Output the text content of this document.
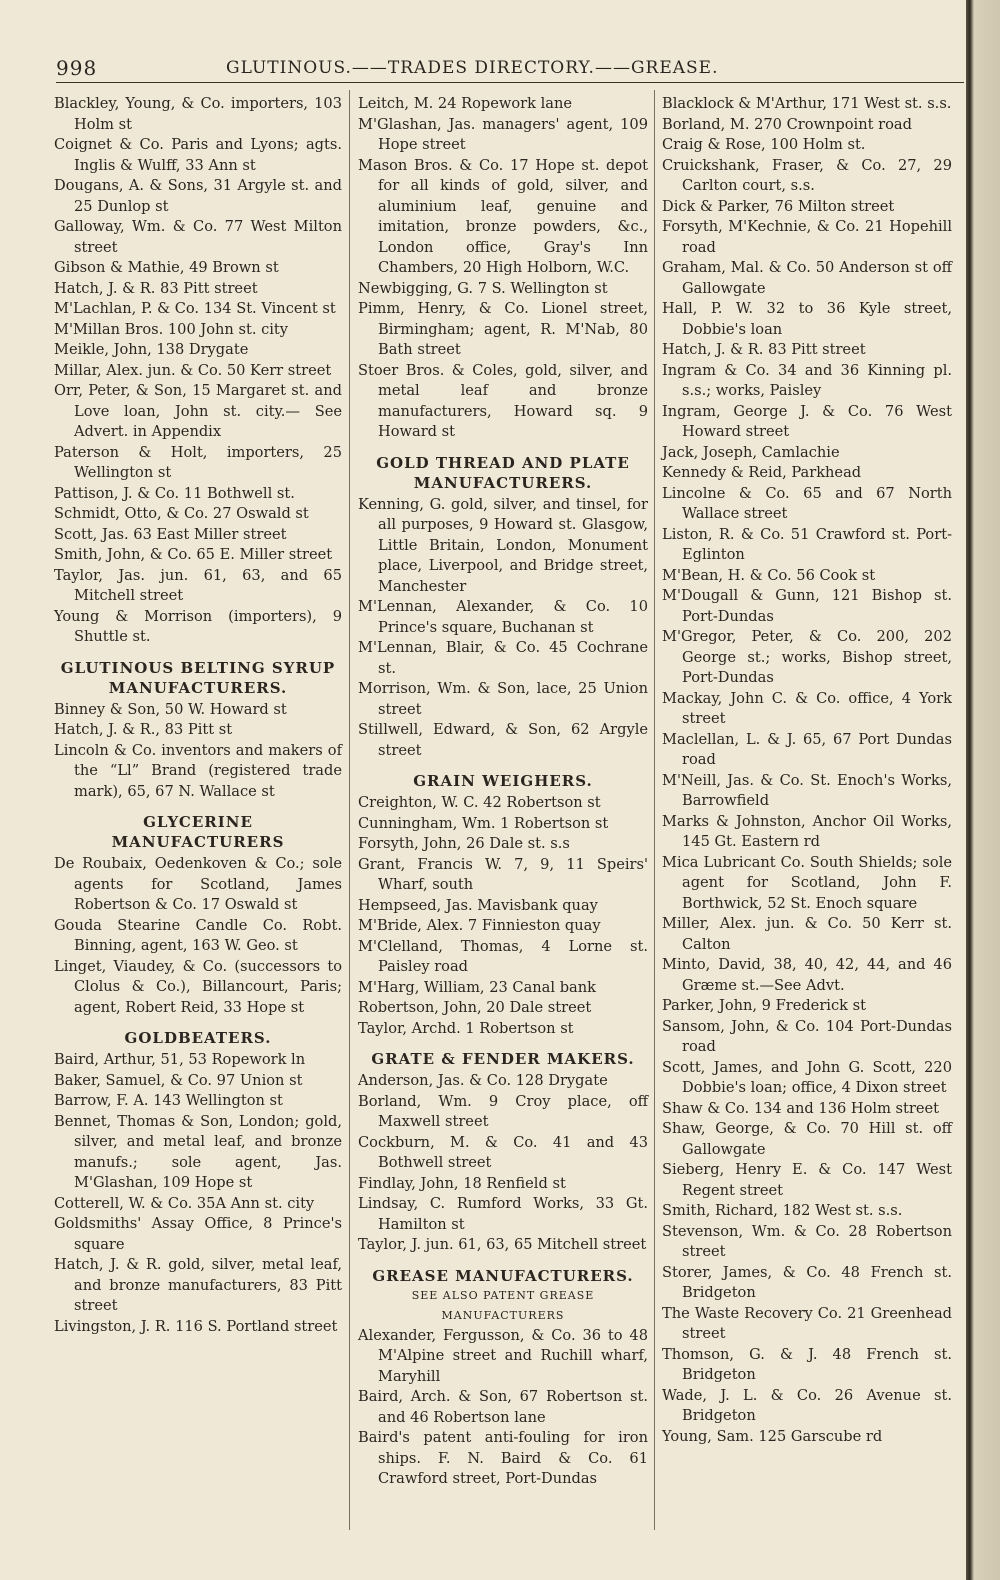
998	GLUTINOUS.——TRADES DIRECTORY.——GREASE.
Blackley, Young, & Co. importers, 103 Holm st
Coignet & Co. Paris and Lyons; agts. Inglis & Wulff, 33 Ann st
Dougans, A. & Sons, 31 Argyle st. and 25 Dunlop st
Galloway, Wm. & Co. 77 West Milton street
Gibson & Mathie, 49 Brown st
Hatch, J. & R. 83 Pitt street
M'Lachlan, P. & Co. 134 St. Vincent st
M'Millan Bros. 100 John st. city
Meikle, John, 138 Drygate
Millar, Alex. jun. & Co. 50 Kerr street
Orr, Peter, & Son, 15 Margaret st. and Love loan, John st. city.— See Advert. in Appendix
Paterson & Holt, importers, 25 Wellington st
Pattison, J. & Co. 11 Bothwell st.
Schmidt, Otto, & Co. 27 Oswald st
Scott, Jas. 63 East Miller street
Smith, John, & Co. 65 E. Miller street
Taylor, Jas. jun. 61, 63, and 65 Mitchell street
Young & Morrison (importers), 9 Shuttle st.
GLUTINOUS BELTING SYRUP MANUFACTURERS.
Binney & Son, 50 W. Howard st
Hatch, J. & R., 83 Pitt st
Lincoln & Co. inventors and makers of the “Ll” Brand (registered trade mark), 65, 67 N. Wallace st
GLYCERINE MANUFACTURERS
De Roubaix, Oedenkoven & Co.; sole agents for Scotland, James Robertson & Co. 17 Oswald st
Gouda Stearine Candle Co. Robt. Binning, agent, 163 W. Geo. st
Linget, Viaudey, & Co. (successors to Clolus & Co.), Billancourt, Paris; agent, Robert Reid, 33 Hope st
GOLDBEATERS.
Baird, Arthur, 51, 53 Ropework ln
Baker, Samuel, & Co. 97 Union st
Barrow, F. A. 143 Wellington st
Bennet, Thomas & Son, London; gold, silver, and metal leaf, and bronze manufs.; sole agent, Jas. M'Glashan, 109 Hope st
Cotterell, W. & Co. 35A Ann st. city
Goldsmiths' Assay Office, 8 Prince's square
Hatch, J. & R. gold, silver, metal leaf, and bronze manufacturers, 83 Pitt street
Livingston, J. R. 116 S. Portland street
Leitch, M. 24 Ropework lane
M'Glashan, Jas. managers' agent, 109 Hope street
Mason Bros. & Co. 17 Hope st. depot for all kinds of gold, silver, and aluminium leaf, genuine and imitation, bronze powders, &c., London office, Gray's Inn Chambers, 20 High Holborn, W.C.
Newbigging, G. 7 S. Wellington st
Pimm, Henry, & Co. Lionel street, Birmingham; agent, R. M'Nab, 80 Bath street
Stoer Bros. & Coles, gold, silver, and metal leaf and bronze manufacturers, Howard sq. 9 Howard st
GOLD THREAD AND PLATE MANUFACTURERS.
Kenning, G. gold, silver, and tinsel, for all purposes, 9 Howard st. Glasgow, Little Britain, London, Monument place, Liverpool, and Bridge street, Manchester
M'Lennan, Alexander, & Co. 10 Prince's square, Buchanan st
M'Lennan, Blair, & Co. 45 Cochrane st.
Morrison, Wm. & Son, lace, 25 Union street
Stillwell, Edward, & Son, 62 Argyle street
GRAIN WEIGHERS.
Creighton, W. C. 42 Robertson st
Cunningham, Wm. 1 Robertson st
Forsyth, John, 26 Dale st. s.s
Grant, Francis W. 7, 9, 11 Speirs' Wharf, south
Hempseed, Jas. Mavisbank quay
M'Bride, Alex. 7 Finnieston quay
M'Clelland, Thomas, 4 Lorne st. Paisley road
M'Harg, William, 23 Canal bank
Robertson, John, 20 Dale street
Taylor, Archd. 1 Robertson st
GRATE & FENDER MAKERS.
Anderson, Jas. & Co. 128 Drygate
Borland, Wm. 9 Croy place, off Maxwell street
Cockburn, M. & Co. 41 and 43 Bothwell street
Findlay, John, 18 Renfield st
Lindsay, C. Rumford Works, 33 Gt. Hamilton st
Taylor, J. jun. 61, 63, 65 Mitchell street
GREASE MANUFACTURERS.
SEE ALSO PATENT GREASE MANUFACTURERS
Alexander, Fergusson, & Co. 36 to 48 M'Alpine street and Ruchill wharf, Maryhill
Baird, Arch. & Son, 67 Robertson st. and 46 Robertson lane
Baird's patent anti-fouling for iron ships. F. N. Baird & Co. 61 Crawford street, Port-Dundas
Blacklock & M'Arthur, 171 West st. s.s.
Borland, M. 270 Crownpoint road
Craig & Rose, 100 Holm st.
Cruickshank, Fraser, & Co. 27, 29 Carlton court, s.s.
Dick & Parker, 76 Milton street
Forsyth, M'Kechnie, & Co. 21 Hopehill road
Graham, Mal. & Co. 50 Anderson st off Gallowgate
Hall, P. W. 32 to 36 Kyle street, Dobbie's loan
Hatch, J. & R. 83 Pitt street
Ingram & Co. 34 and 36 Kinning pl. s.s.; works, Paisley
Ingram, George J. & Co. 76 West Howard street
Jack, Joseph, Camlachie
Kennedy & Reid, Parkhead
Lincolne & Co. 65 and 67 North Wallace street
Liston, R. & Co. 51 Crawford st. Port-Eglinton
M'Bean, H. & Co. 56 Cook st
M'Dougall & Gunn, 121 Bishop st. Port-Dundas
M'Gregor, Peter, & Co. 200, 202 George st.; works, Bishop street, Port-Dundas
Mackay, John C. & Co. office, 4 York street
Maclellan, L. & J. 65, 67 Port Dundas road
M'Neill, Jas. & Co. St. Enoch's Works, Barrowfield
Marks & Johnston, Anchor Oil Works, 145 Gt. Eastern rd
Mica Lubricant Co. South Shields; sole agent for Scotland, John F. Borthwick, 52 St. Enoch square
Miller, Alex. jun. & Co. 50 Kerr st. Calton
Minto, David, 38, 40, 42, 44, and 46 Græme st.—See Advt.
Parker, John, 9 Frederick st
Sansom, John, & Co. 104 Port-Dundas road
Scott, James, and John G. Scott, 220 Dobbie's loan; office, 4 Dixon street
Shaw & Co. 134 and 136 Holm street
Shaw, George, & Co. 70 Hill st. off Gallowgate
Sieberg, Henry E. & Co. 147 West Regent street
Smith, Richard, 182 West st. s.s.
Stevenson, Wm. & Co. 28 Robertson street
Storer, James, & Co. 48 French st. Bridgeton
The Waste Recovery Co. 21 Greenhead street
Thomson, G. & J. 48 French st. Bridgeton
Wade, J. L. & Co. 26 Avenue st. Bridgeton
Young, Sam. 125 Garscube rd
